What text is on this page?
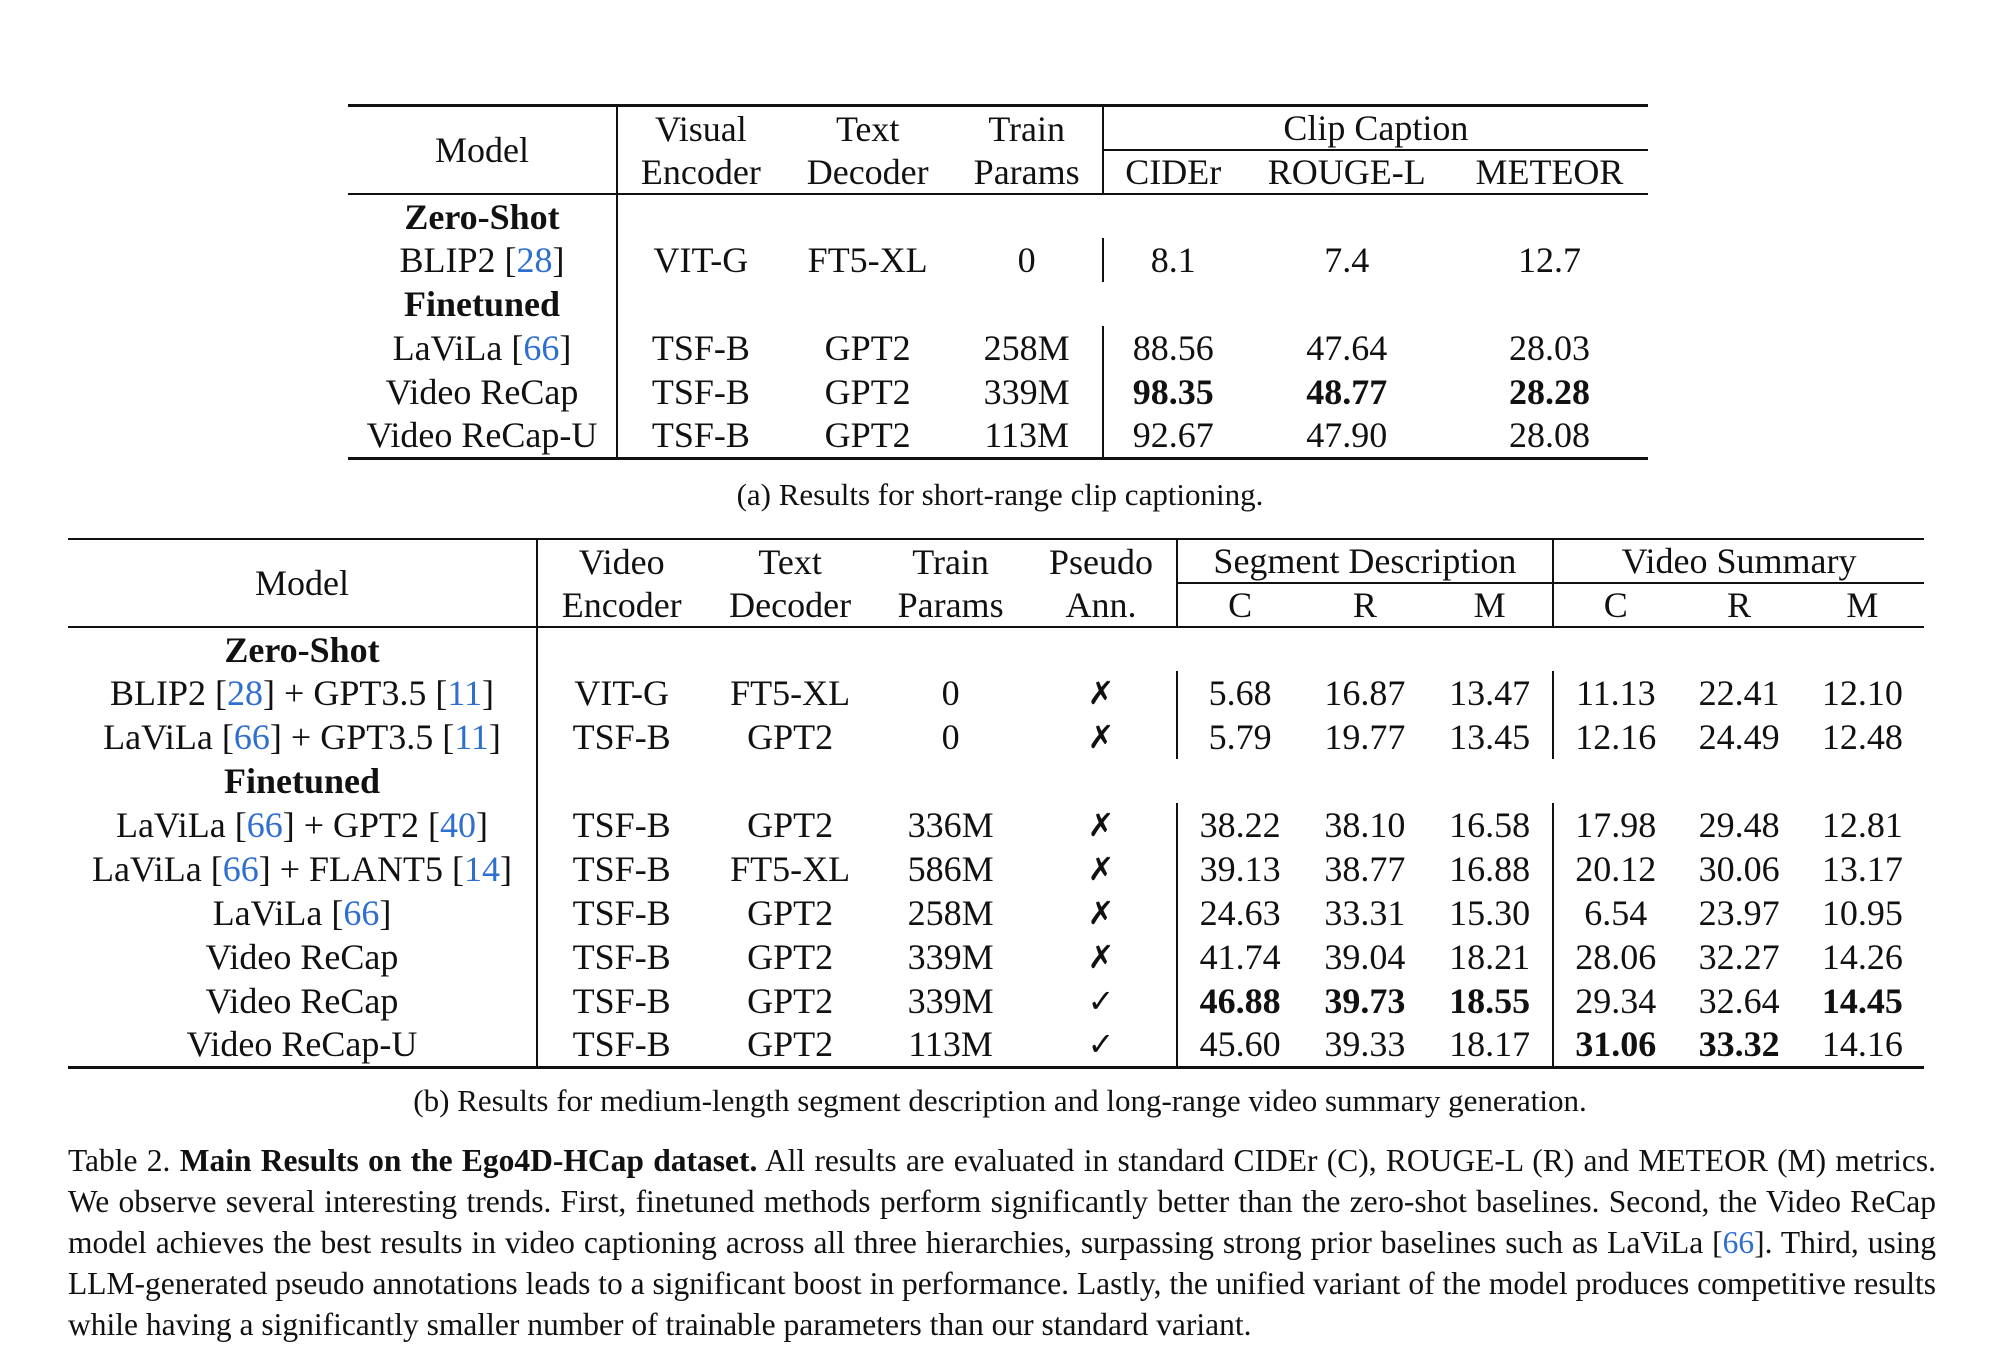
Model	Visual	Text	Train	Clip Caption		
	Encoder	Decoder	Params	CIDEr	ROUGE-L	METEOR
Zero-Shot						
BLIP2 [28]	VIT-G	FT5-XL	0	8.1	7.4	12.7
Finetuned						
LaViLa [66]	TSF-B	GPT2	258M	88.56	47.64	28.03
Video ReCap	TSF-B	GPT2	339M	98.35	48.77	28.28
Video ReCap-U	TSF-B	GPT2	113M	92.67	47.90	28.08
(a) Results for short-range clip captioning.
Model	Video	Text	Train	Pseudo	Segment Description			Video Summary		
	Encoder	Decoder	Params	Ann.	C	R	M	C	R	M
Zero-Shot										
BLIP2 [28] + GPT3.5 [11]	VIT-G	FT5-XL	0	✗	5.68	16.87	13.47	11.13	22.41	12.10
LaViLa [66] + GPT3.5 [11]	TSF-B	GPT2	0	✗	5.79	19.77	13.45	12.16	24.49	12.48
Finetuned										
LaViLa [66] + GPT2 [40]	TSF-B	GPT2	336M	✗	38.22	38.10	16.58	17.98	29.48	12.81
LaViLa [66] + FLANT5 [14]	TSF-B	FT5-XL	586M	✗	39.13	38.77	16.88	20.12	30.06	13.17
LaViLa [66]	TSF-B	GPT2	258M	✗	24.63	33.31	15.30	6.54	23.97	10.95
Video ReCap	TSF-B	GPT2	339M	✗	41.74	39.04	18.21	28.06	32.27	14.26
Video ReCap	TSF-B	GPT2	339M	✓	46.88	39.73	18.55	29.34	32.64	14.45
Video ReCap-U	TSF-B	GPT2	113M	✓	45.60	39.33	18.17	31.06	33.32	14.16
(b) Results for medium-length segment description and long-range video summary generation.
Table 2. Main Results on the Ego4D-HCap dataset. All results are evaluated in standard CIDEr (C), ROUGE-L (R) and METEOR (M) metrics. We observe several interesting trends. First, finetuned methods perform significantly better than the zero-shot baselines. Second, the Video ReCap model achieves the best results in video captioning across all three hierarchies, surpassing strong prior baselines such as LaViLa [66]. Third, using LLM-generated pseudo annotations leads to a significant boost in performance. Lastly, the unified variant of the model produces competitive results while having a significantly smaller number of trainable parameters than our standard variant.
